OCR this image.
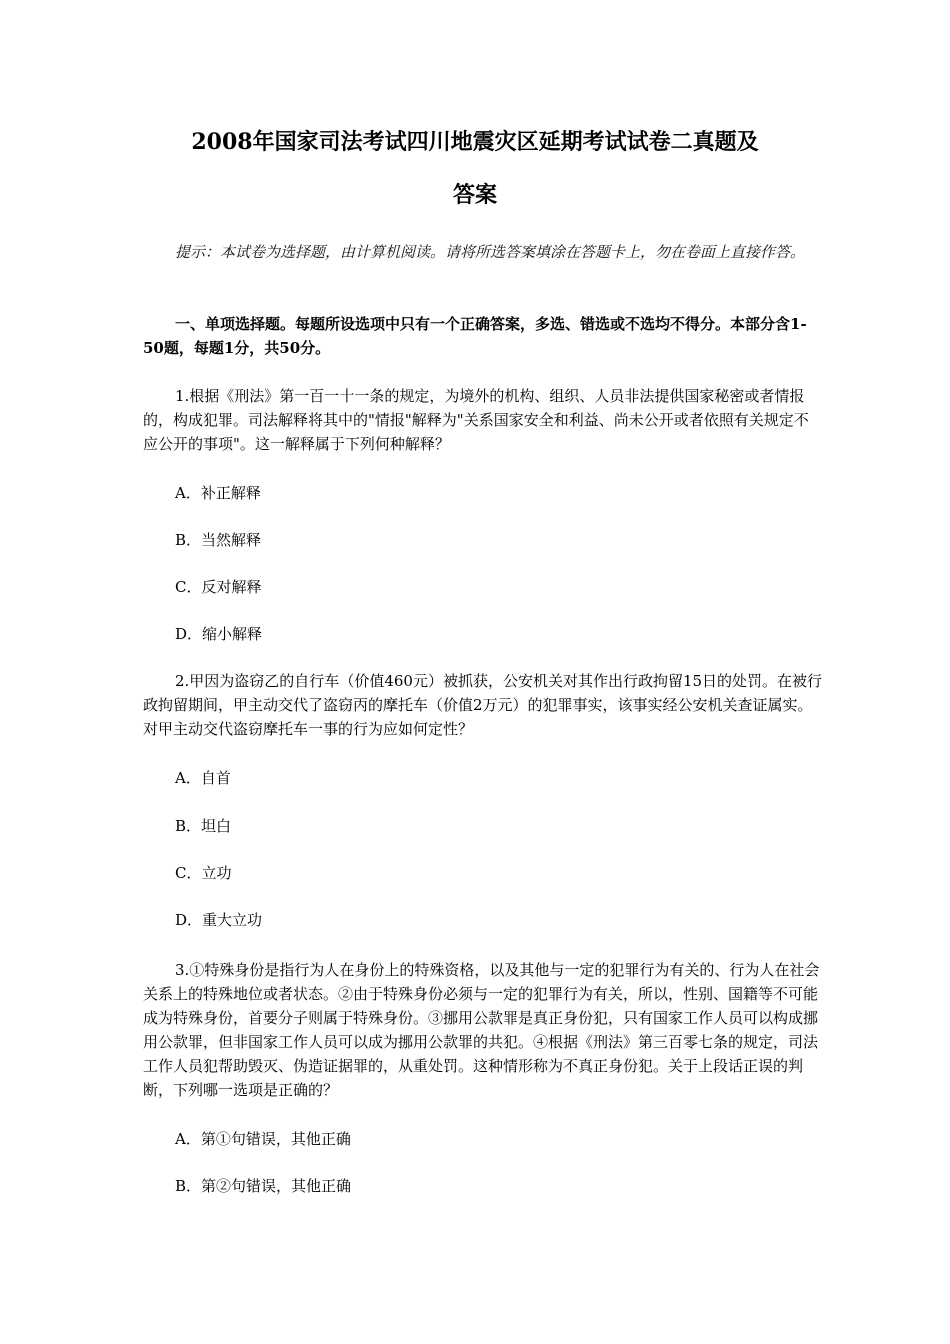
2008年国家司法考试四川地震灾区延期考试试卷二真题及
答案
提示：本试卷为选择题，由计算机阅读。请将所选答案填涂在答题卡上，勿在卷面上直接作答。
一、单项选择题。每题所设选项中只有一个正确答案，多选、错选或不选均不得分。本部分含1-50题，每题1分，共50分。
1.根据《刑法》第一百一十一条的规定，为境外的机构、组织、人员非法提供国家秘密或者情报的，构成犯罪。司法解释将其中的"情报"解释为"关系国家安全和利益、尚未公开或者依照有关规定不应公开的事项"。这一解释属于下列何种解释？
A．补正解释
B．当然解释
C．反对解释
D．缩小解释
2.甲因为盗窃乙的自行车（价值460元）被抓获，公安机关对其作出行政拘留15日的处罚。在被行政拘留期间，甲主动交代了盗窃丙的摩托车（价值2万元）的犯罪事实，该事实经公安机关查证属实。对甲主动交代盗窃摩托车一事的行为应如何定性？
A．自首
B．坦白
C．立功
D．重大立功
3.①特殊身份是指行为人在身份上的特殊资格，以及其他与一定的犯罪行为有关的、行为人在社会关系上的特殊地位或者状态。②由于特殊身份必须与一定的犯罪行为有关，所以，性别、国籍等不可能成为特殊身份，首要分子则属于特殊身份。③挪用公款罪是真正身份犯，只有国家工作人员可以构成挪用公款罪，但非国家工作人员可以成为挪用公款罪的共犯。④根据《刑法》第三百零七条的规定，司法工作人员犯帮助毁灭、伪造证据罪的，从重处罚。这种情形称为不真正身份犯。关于上段话正误的判断，下列哪一选项是正确的？
A．第①句错误，其他正确
B．第②句错误，其他正确
